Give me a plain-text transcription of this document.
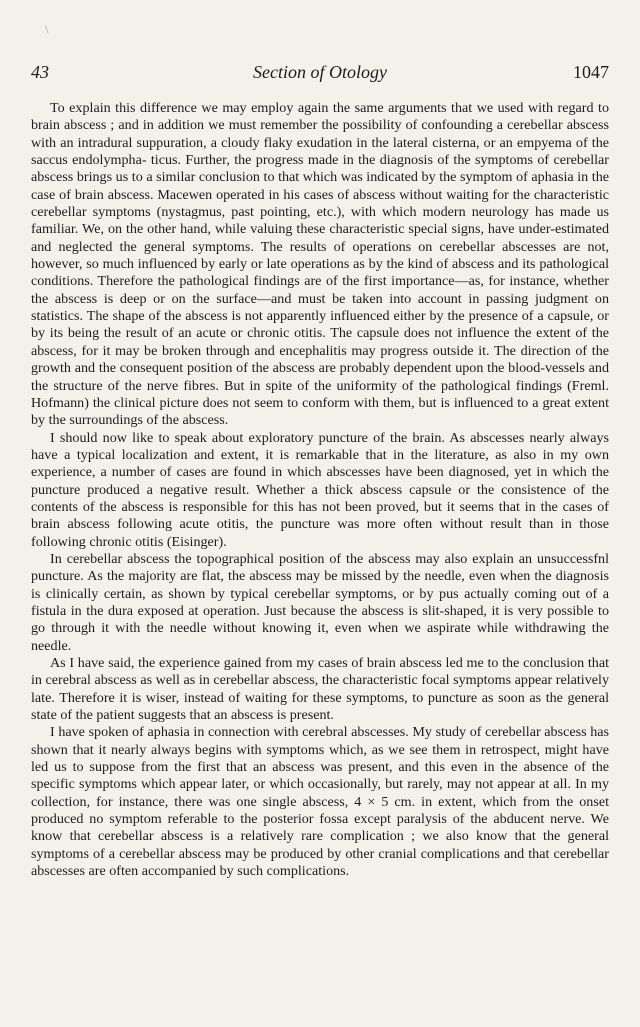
\
43	Section of Otology	1047

To explain this difference we may employ again the same arguments that we used with regard to brain abscess ; and in addition we must remember the possibility of confounding a cerebellar abscess with an intradural suppuration, a cloudy flaky exudation in the lateral cisterna, or an empyema of the saccus endolympha- ticus. Further, the progress made in the diagnosis of the symptoms of cerebellar abscess brings us to a similar conclusion to that which was indicated by the symptom of aphasia in the case of brain abscess. Macewen operated in his cases of abscess without waiting for the characteristic cerebellar symptoms (nystagmus, past pointing, etc.), with which modern neurology has made us familiar. We, on the other hand, while valuing these characteristic special signs, have under-estimated and neglected the general symptoms. The results of operations on cerebellar abscesses are not, however, so much influenced by early or late operations as by the kind of abscess and its pathological conditions. Therefore the pathological findings are of the first importance—as, for instance, whether the abscess is deep or on the surface—and must be taken into account in passing judgment on statistics. The shape of the abscess is not apparently influenced either by the presence of a capsule, or by its being the result of an acute or chronic otitis. The capsule does not influence the extent of the abscess, for it may be broken through and encephalitis may progress outside it. The direction of the growth and the consequent position of the abscess are probably dependent upon the blood-vessels and the structure of the nerve fibres. But in spite of the uniformity of the pathological findings (Freml. Hofmann) the clinical picture does not seem to conform with them, but is influenced to a great extent by the surroundings of the abscess.

I should now like to speak about exploratory puncture of the brain. As abscesses nearly always have a typical localization and extent, it is remarkable that in the literature, as also in my own experience, a number of cases are found in which abscesses have been diagnosed, yet in which the puncture produced a negative result. Whether a thick abscess capsule or the consistence of the contents of the abscess is responsible for this has not been proved, but it seems that in the cases of brain abscess following acute otitis, the puncture was more often without result than in those following chronic otitis (Eisinger).

In cerebellar abscess the topographical position of the abscess may also explain an unsuccessfnl puncture. As the majority are flat, the abscess may be missed by the needle, even when the diagnosis is clinically certain, as shown by typical cerebellar symptoms, or by pus actually coming out of a fistula in the dura exposed at operation. Just because the abscess is slit-shaped, it is very possible to go through it with the needle without knowing it, even when we aspirate while withdrawing the needle.

As I have said, the experience gained from my cases of brain abscess led me to the conclusion that in cerebral abscess as well as in cerebellar abscess, the characteristic focal symptoms appear relatively late. Therefore it is wiser, instead of waiting for these symptoms, to puncture as soon as the general state of the patient suggests that an abscess is present.

I have spoken of aphasia in connection with cerebral abscesses. My study of cerebellar abscess has shown that it nearly always begins with symptoms which, as we see them in retrospect, might have led us to suppose from the first that an abscess was present, and this even in the absence of the specific symptoms which appear later, or which occasionally, but rarely, may not appear at all. In my collection, for instance, there was one single abscess, 4 × 5 cm. in extent, which from the onset produced no symptom referable to the posterior fossa except paralysis of the abducent nerve. We know that cerebellar abscess is a relatively rare complication ; we also know that the general symptoms of a cerebellar abscess may be produced by other cranial complications and that cerebellar abscesses are often accompanied by such complications.
